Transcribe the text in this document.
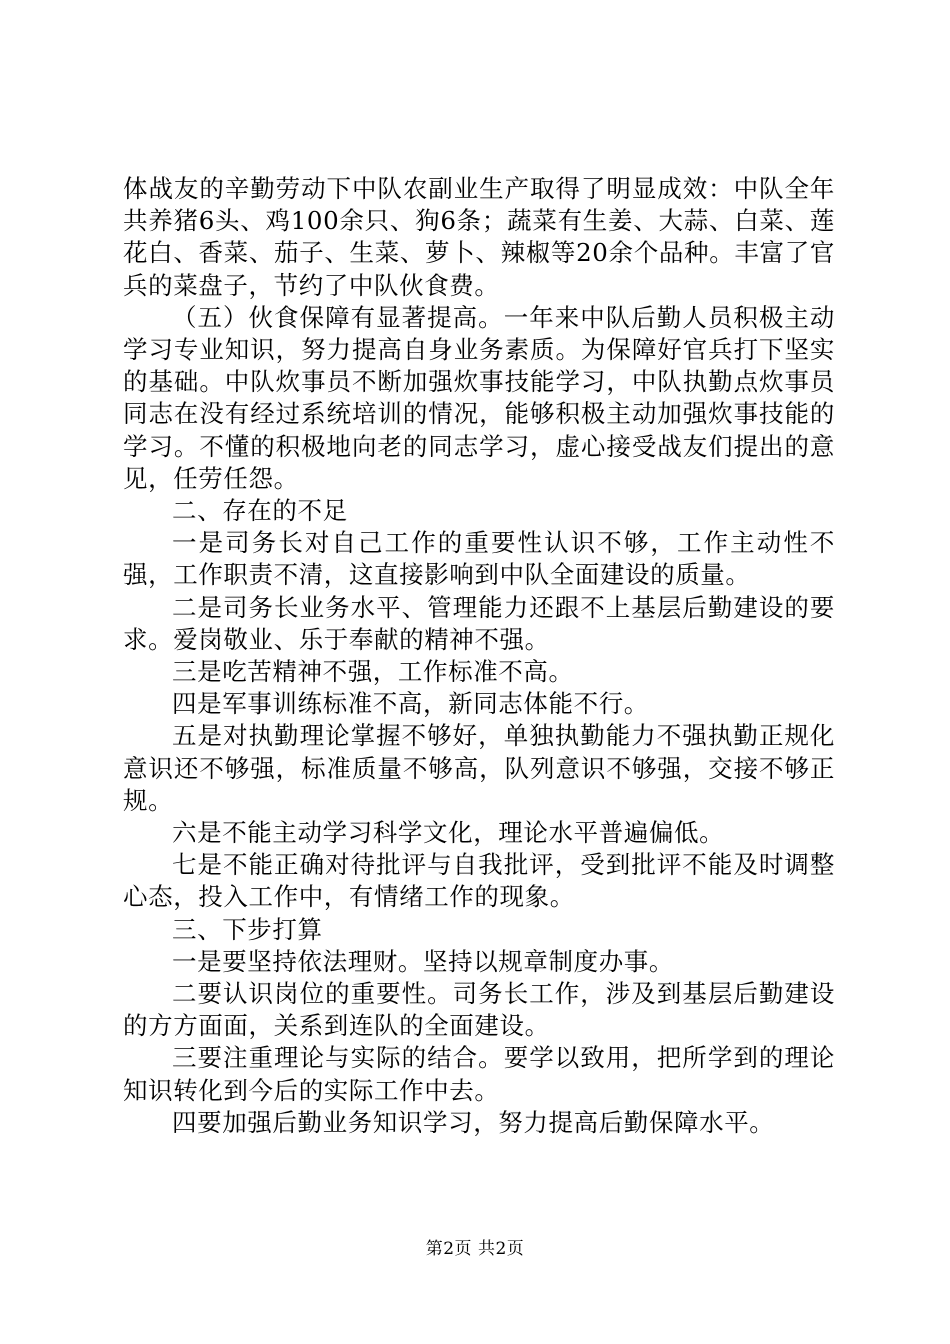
体战友的辛勤劳动下中队农副业生产取得了明显成效：中队全年共养猪6头、鸡100余只、狗6条；蔬菜有生姜、大蒜、白菜、莲花白、香菜、茄子、生菜、萝卜、辣椒等20余个品种。丰富了官兵的菜盘子，节约了中队伙食费。

（五）伙食保障有显著提高。一年来中队后勤人员积极主动学习专业知识，努力提高自身业务素质。为保障好官兵打下坚实的基础。中队炊事员不断加强炊事技能学习，中队执勤点炊事员同志在没有经过系统培训的情况，能够积极主动加强炊事技能的学习。不懂的积极地向老的同志学习，虚心接受战友们提出的意见，任劳任怨。

二、存在的不足

一是司务长对自己工作的重要性认识不够，工作主动性不强，工作职责不清，这直接影响到中队全面建设的质量。

二是司务长业务水平、管理能力还跟不上基层后勤建设的要求。爱岗敬业、乐于奉献的精神不强。

三是吃苦精神不强，工作标准不高。

四是军事训练标准不高，新同志体能不行。

五是对执勤理论掌握不够好，单独执勤能力不强执勤正规化意识还不够强，标准质量不够高，队列意识不够强，交接不够正规。

六是不能主动学习科学文化，理论水平普遍偏低。

七是不能正确对待批评与自我批评，受到批评不能及时调整心态，投入工作中，有情绪工作的现象。

三、下步打算

一是要坚持依法理财。坚持以规章制度办事。

二要认识岗位的重要性。司务长工作，涉及到基层后勤建设的方方面面，关系到连队的全面建设。

三要注重理论与实际的结合。要学以致用，把所学到的理论知识转化到今后的实际工作中去。

四要加强后勤业务知识学习，努力提高后勤保障水平。

第2页 共2页
